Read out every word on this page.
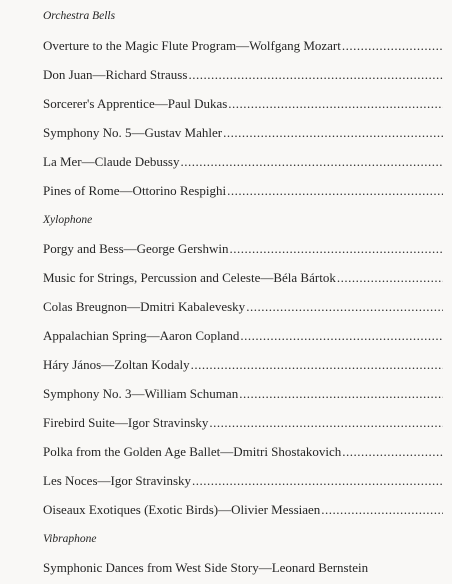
Orchestra Bells
Overture to the Magic Flute Program—Wolfgang Mozart
.....
Don Juan—Richard Strauss
.....
Sorcerer's Apprentice—Paul Dukas
.....
Symphony No. 5—Gustav Mahler
.....
La Mer—Claude Debussy
.....
Pines of Rome—Ottorino Respighi
.....
Xylophone
Porgy and Bess—George Gershwin
.....
Music for Strings, Percussion and Celeste—Béla Bártok
.....
Colas Breugnon—Dmitri Kabalevesky
.....
Appalachian Spring—Aaron Copland
.....
Háry János—Zoltan Kodaly
.....
Symphony No. 3—William Schuman
.....
Firebird Suite—Igor Stravinsky
.....
Polka from the Golden Age Ballet—Dmitri Shostakovich
.....
Les Noces—Igor Stravinsky
.....
Oiseaux Exotiques (Exotic Birds)—Olivier Messiaen
.....
Vibraphone
Symphonic Dances from West Side Story—Leonard Bernstein
